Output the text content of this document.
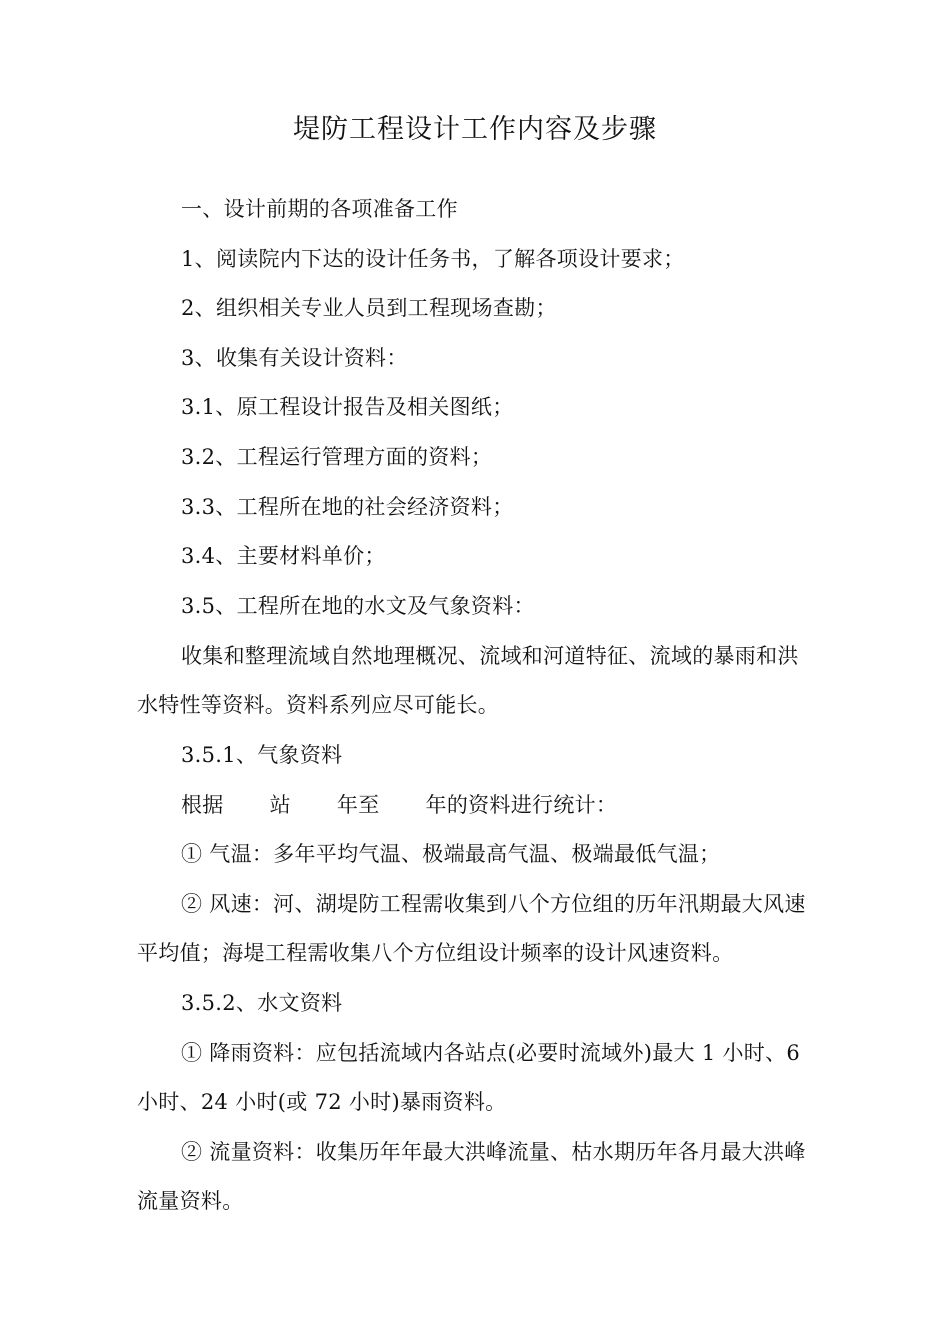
堤防工程设计工作内容及步骤
一、设计前期的各项准备工作
1、阅读院内下达的设计任务书，了解各项设计要求；
2、组织相关专业人员到工程现场查勘；
3、收集有关设计资料：
3.1、原工程设计报告及相关图纸；
3.2、工程运行管理方面的资料；
3.3、工程所在地的社会经济资料；
3.4、主要材料单价；
3.5、工程所在地的水文及气象资料：
收集和整理流域自然地理概况、流域和河道特征、流域的暴雨和洪
水特性等资料。资料系列应尽可能长。
3.5.1、气象资料
根据 站 年至 年的资料进行统计：
① 气温：多年平均气温、极端最高气温、极端最低气温；
② 风速：河、湖堤防工程需收集到八个方位组的历年汛期最大风速
平均值；海堤工程需收集八个方位组设计频率的设计风速资料。
3.5.2、水文资料
① 降雨资料：应包括流域内各站点(必要时流域外)最大 1 小时、6
小时、24 小时(或 72 小时)暴雨资料。
② 流量资料：收集历年年最大洪峰流量、枯水期历年各月最大洪峰
流量资料。
